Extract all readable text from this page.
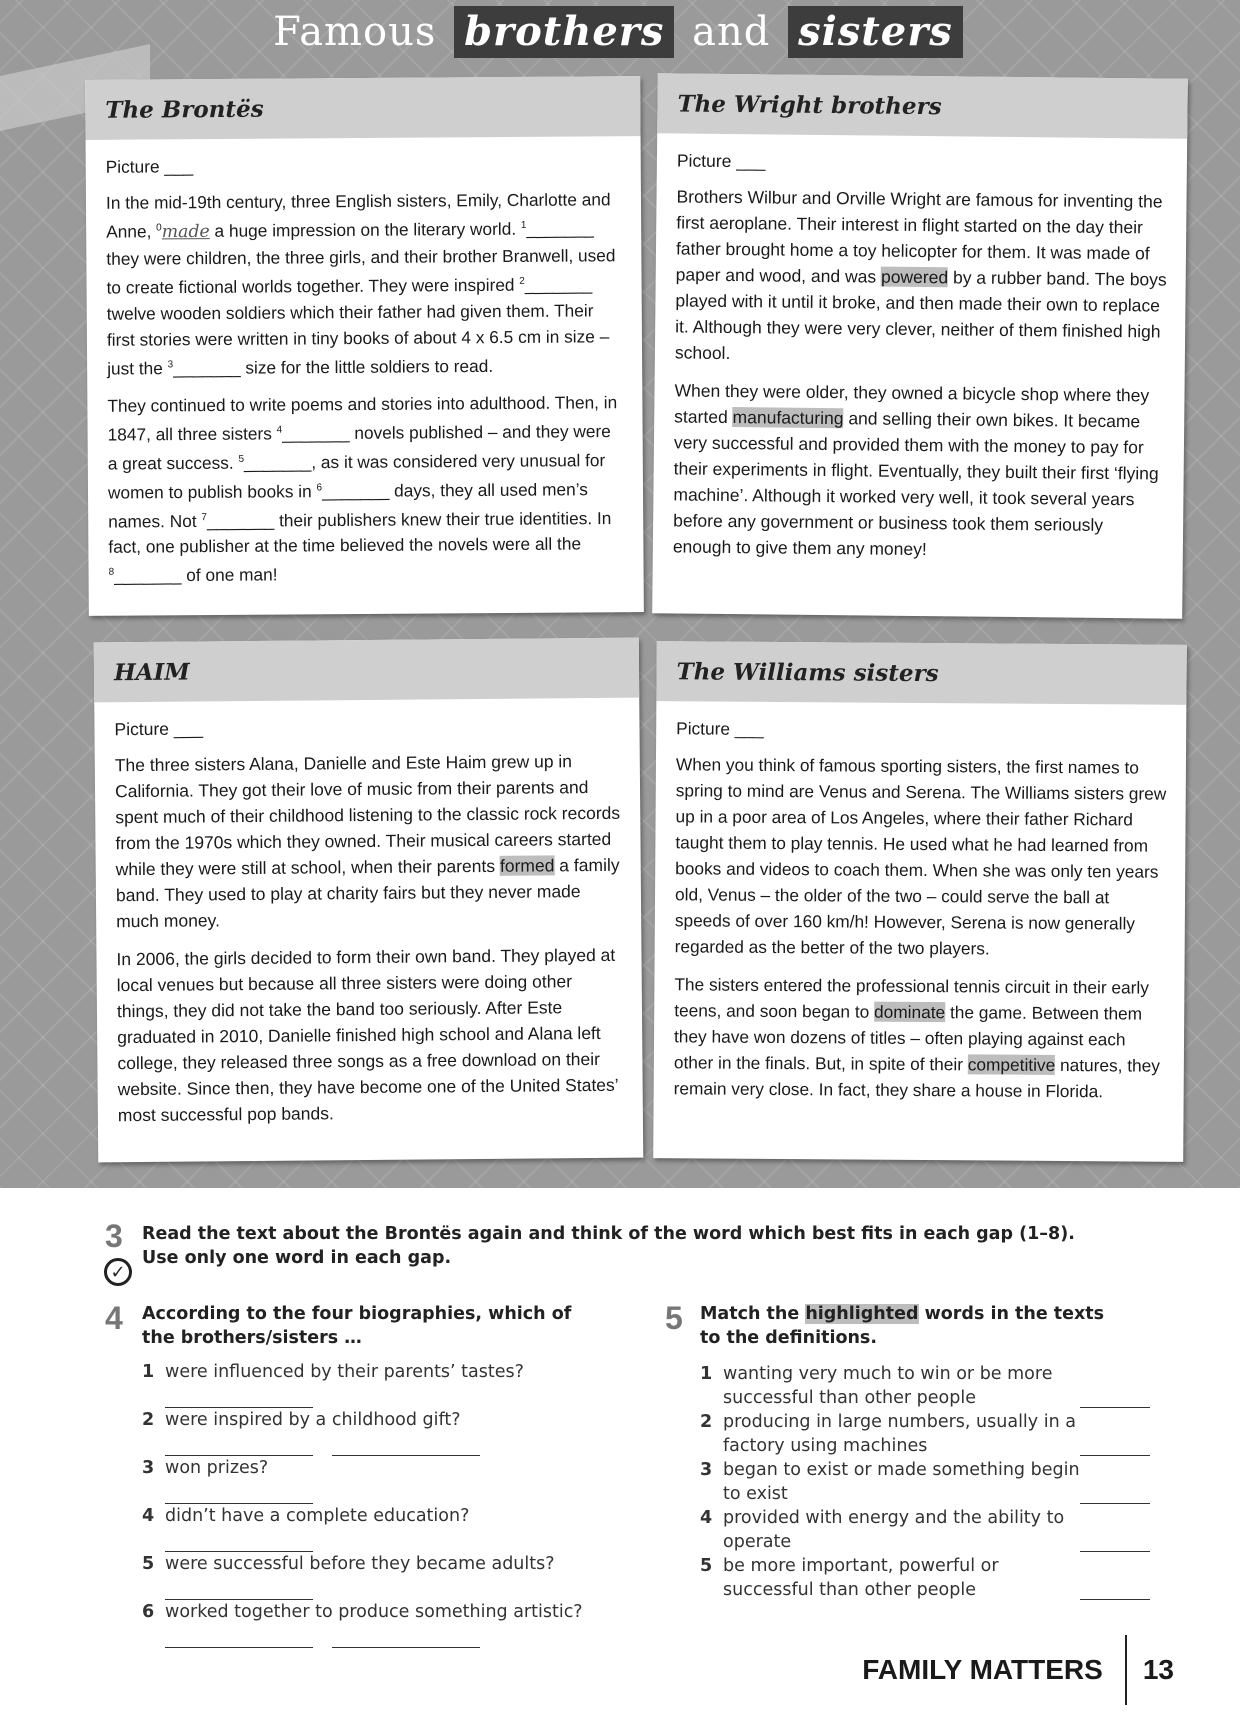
Famous brothers and sisters
The Brontës
Picture ___

In the mid-19th century, three English sisters, Emily, Charlotte and Anne, $^0$made a huge impression on the literary world. $^1$_______ they were children, the three girls, and their brother Branwell, used to create fictional worlds together. They were inspired $^2$_______ twelve wooden soldiers which their father had given them. Their first stories were written in tiny books of about 4 x 6.5 cm in size – just the $^3$_______ size for the little soldiers to read.

They continued to write poems and stories into adulthood. Then, in 1847, all three sisters $^4$_______ novels published – and they were a great success. $^5$_______, as it was considered very unusual for women to publish books in $^6$_______ days, they all used men’s names. Not $^7$_______ their publishers knew their true identities. In fact, one publisher at the time believed the novels were all the $^8$_______ of one man!

The Wright brothers
Picture ___

Brothers Wilbur and Orville Wright are famous for inventing the first aeroplane. Their interest in flight started on the day their father brought home a toy helicopter for them. It was made of paper and wood, and was powered by a rubber band. The boys played with it until it broke, and then made their own to replace it. Although they were very clever, neither of them finished high school.

When they were older, they owned a bicycle shop where they started manufacturing and selling their own bikes. It became very successful and provided them with the money to pay for their experiments in flight. Eventually, they built their first ‘flying machine’. Although it worked very well, it took several years before any government or business took them seriously enough to give them any money!

HAIM
Picture ___

The three sisters Alana, Danielle and Este Haim grew up in California. They got their love of music from their parents and spent much of their childhood listening to the classic rock records from the 1970s which they owned. Their musical careers started while they were still at school, when their parents formed a family band. They used to play at charity fairs but they never made much money.

In 2006, the girls decided to form their own band. They played at local venues but because all three sisters were doing other things, they did not take the band too seriously. After Este graduated in 2010, Danielle finished high school and Alana left college, they released three songs as a free download on their website. Since then, they have become one of the United States’ most successful pop bands.

The Williams sisters
Picture ___

When you think of famous sporting sisters, the first names to spring to mind are Venus and Serena. The Williams sisters grew up in a poor area of Los Angeles, where their father Richard taught them to play tennis. He used what he had learned from books and videos to coach them. When she was only ten years old, Venus – the older of the two – could serve the ball at speeds of over 160 km/h! However, Serena is now generally regarded as the better of the two players.

The sisters entered the professional tennis circuit in their early teens, and soon began to dominate the game. Between them they have won dozens of titles – often playing against each other in the finals. But, in spite of their competitive natures, they remain very close. In fact, they share a house in Florida.

3
✓
Read the text about the Brontës again and think of the word which best fits in each gap (1–8). Use only one word in each gap.
4 According to the four biographies, which of the brothers/sisters …
1 were influenced by their parents’ tastes?
2 were inspired by a childhood gift?
3 won prizes?
4 didn’t have a complete education?
5 were successful before they became adults?
6 worked together to produce something artistic?
5 Match the highlighted words in the texts to the definitions.
1 wanting very much to win or be more successful than other people
2 producing in large numbers, usually in a factory using machines
3 began to exist or made something begin to exist
4 provided with energy and the ability to operate
5 be more important, powerful or successful than other people
FAMILY MATTERS 13
